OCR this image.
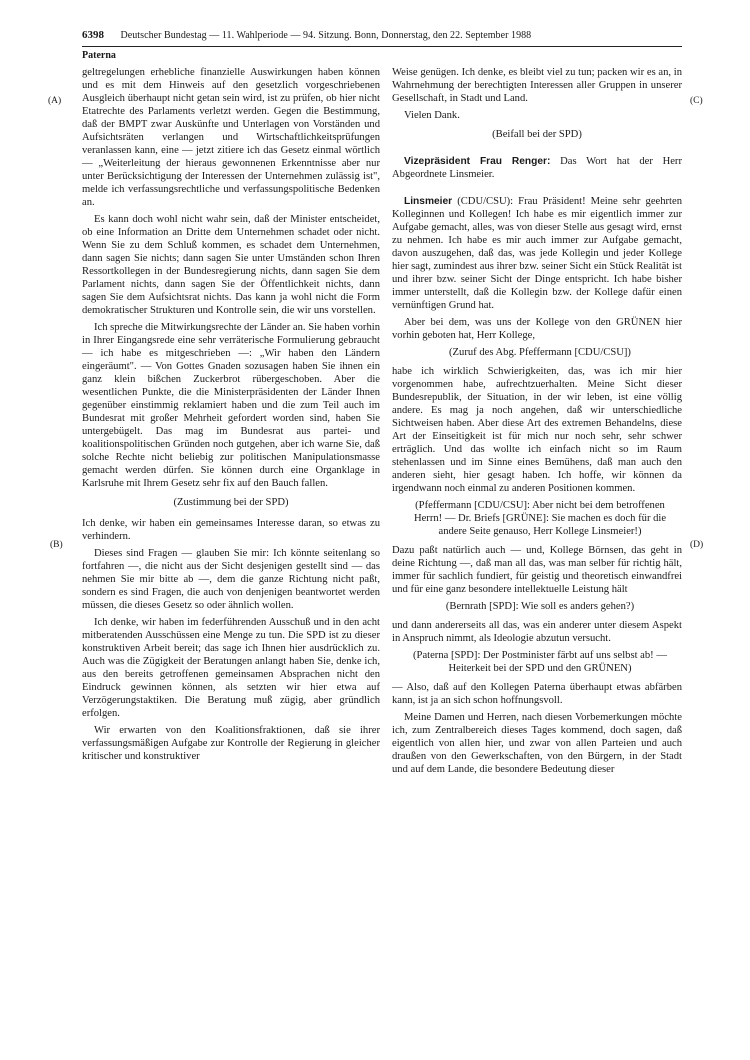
6398 Deutscher Bundestag — 11. Wahlperiode — 94. Sitzung. Bonn, Donnerstag, den 22. September 1988
Paterna
(A)
(B)
(C)
(D)

geltregelungen erhebliche finanzielle Auswirkungen haben können und es mit dem Hinweis auf den gesetzlich vorgeschriebenen Ausgleich überhaupt nicht getan sein wird, ist zu prüfen, ob hier nicht Etatrechte des Parlaments verletzt werden. Gegen die Bestimmung, daß der BMPT zwar Auskünfte und Unterlagen von Vorständen und Aufsichtsräten verlangen und Wirtschaftlichkeitsprüfungen veranlassen kann, eine — jetzt zitiere ich das Gesetz einmal wörtlich — „Weiterleitung der hieraus gewonnenen Erkenntnisse aber nur unter Berücksichtigung der Interessen der Unternehmen zulässig ist", melde ich verfassungsrechtliche und verfassungspolitische Bedenken an.

Es kann doch wohl nicht wahr sein, daß der Minister entscheidet, ob eine Information an Dritte dem Unternehmen schadet oder nicht. Wenn Sie zu dem Schluß kommen, es schadet dem Unternehmen, dann sagen Sie nichts; dann sagen Sie unter Umständen schon Ihren Ressortkollegen in der Bundesregierung nichts, dann sagen Sie dem Parlament nichts, dann sagen Sie der Öffentlichkeit nichts, dann sagen Sie dem Aufsichtsrat nichts. Das kann ja wohl nicht die Form demokratischer Strukturen und Kontrolle sein, die wir uns vorstellen.

Ich spreche die Mitwirkungsrechte der Länder an. Sie haben vorhin in Ihrer Eingangsrede eine sehr verräterische Formulierung gebraucht — ich habe es mitgeschrieben —: „Wir haben den Ländern eingeräumt". — Von Gottes Gnaden sozusagen haben Sie ihnen ein ganz klein bißchen Zuckerbrot rübergeschoben. Aber die wesentlichen Punkte, die die Ministerpräsidenten der Länder Ihnen gegenüber einstimmig reklamiert haben und die zum Teil auch im Bundesrat mit großer Mehrheit gefordert worden sind, haben Sie untergebügelt. Das mag im Bundesrat aus partei- und koalitionspolitischen Gründen noch gutgehen, aber ich warne Sie, daß solche Rechte nicht beliebig zur politischen Manipulationsmasse gemacht werden dürfen. Sie können durch eine Organklage in Karlsruhe mit Ihrem Gesetz sehr fix auf den Bauch fallen.

(Zustimmung bei der SPD)

Ich denke, wir haben ein gemeinsames Interesse daran, so etwas zu verhindern.

Dieses sind Fragen — glauben Sie mir: Ich könnte seitenlang so fortfahren —, die nicht aus der Sicht desjenigen gestellt sind — das nehmen Sie mir bitte ab —, dem die ganze Richtung nicht paßt, sondern es sind Fragen, die auch von denjenigen beantwortet werden müssen, die dieses Gesetz so oder ähnlich wollen.

Ich denke, wir haben im federführenden Ausschuß und in den acht mitberatenden Ausschüssen eine Menge zu tun. Die SPD ist zu dieser konstruktiven Arbeit bereit; das sage ich Ihnen hier ausdrücklich zu. Auch was die Zügigkeit der Beratungen anlangt haben Sie, denke ich, aus den bereits getroffenen gemeinsamen Absprachen nicht den Eindruck gewinnen können, als setzten wir hier etwa auf Verzögerungstaktiken. Die Beratung muß zügig, aber gründlich erfolgen.

Wir erwarten von den Koalitionsfraktionen, daß sie ihrer verfassungsmäßigen Aufgabe zur Kontrolle der Regierung in gleicher kritischer und konstruktiver

Weise genügen. Ich denke, es bleibt viel zu tun; packen wir es an, in Wahrnehmung der berechtigten Interessen aller Gruppen in unserer Gesellschaft, in Stadt und Land.

Vielen Dank.

(Beifall bei der SPD)

Vizepräsident Frau Renger: Das Wort hat der Herr Abgeordnete Linsmeier.

Linsmeier (CDU/CSU): Frau Präsident! Meine sehr geehrten Kolleginnen und Kollegen! Ich habe es mir eigentlich immer zur Aufgabe gemacht, alles, was von dieser Stelle aus gesagt wird, ernst zu nehmen. Ich habe es mir auch immer zur Aufgabe gemacht, davon auszugehen, daß das, was jede Kollegin und jeder Kollege hier sagt, zumindest aus ihrer bzw. seiner Sicht ein Stück Realität ist und ihrer bzw. seiner Sicht der Dinge entspricht. Ich habe bisher immer unterstellt, daß die Kollegin bzw. der Kollege dafür einen vernünftigen Grund hat.

Aber bei dem, was uns der Kollege von den GRÜNEN hier vorhin geboten hat, Herr Kollege,

(Zuruf des Abg. Pfeffermann [CDU/CSU])

habe ich wirklich Schwierigkeiten, das, was ich mir hier vorgenommen habe, aufrechtzuerhalten. Meine Sicht dieser Bundesrepublik, der Situation, in der wir leben, ist eine völlig andere. Es mag ja noch angehen, daß wir unterschiedliche Sichtweisen haben. Aber diese Art des extremen Behandelns, diese Art der Einseitigkeit ist für mich nur noch sehr, sehr schwer erträglich. Und das wollte ich einfach nicht so im Raum stehenlassen und im Sinne eines Bemühens, daß man auch den anderen sieht, hier gesagt haben. Ich hoffe, wir können da irgendwann noch einmal zu anderen Positionen kommen.

(Pfeffermann [CDU/CSU]: Aber nicht bei dem betroffenen Herrn! — Dr. Briefs [GRÜNE]: Sie machen es doch für die andere Seite genauso, Herr Kollege Linsmeier!)

Dazu paßt natürlich auch — und, Kollege Börnsen, das geht in deine Richtung —, daß man all das, was man selber für richtig hält, immer für sachlich fundiert, für geistig und theoretisch einwandfrei und für eine ganz besondere intellektuelle Leistung hält

(Bernrath [SPD]: Wie soll es anders gehen?)

und dann andererseits all das, was ein anderer unter diesem Aspekt in Anspruch nimmt, als Ideologie abzutun versucht.

(Paterna [SPD]: Der Postminister färbt auf uns selbst ab! — Heiterkeit bei der SPD und den GRÜNEN)

— Also, daß auf den Kollegen Paterna überhaupt etwas abfärben kann, ist ja an sich schon hoffnungsvoll.

Meine Damen und Herren, nach diesen Vorbemerkungen möchte ich, zum Zentralbereich dieses Tages kommend, doch sagen, daß eigentlich von allen hier, und zwar von allen Parteien und auch draußen von den Gewerkschaften, von den Bürgern, in der Stadt und auf dem Lande, die besondere Bedeutung dieser
